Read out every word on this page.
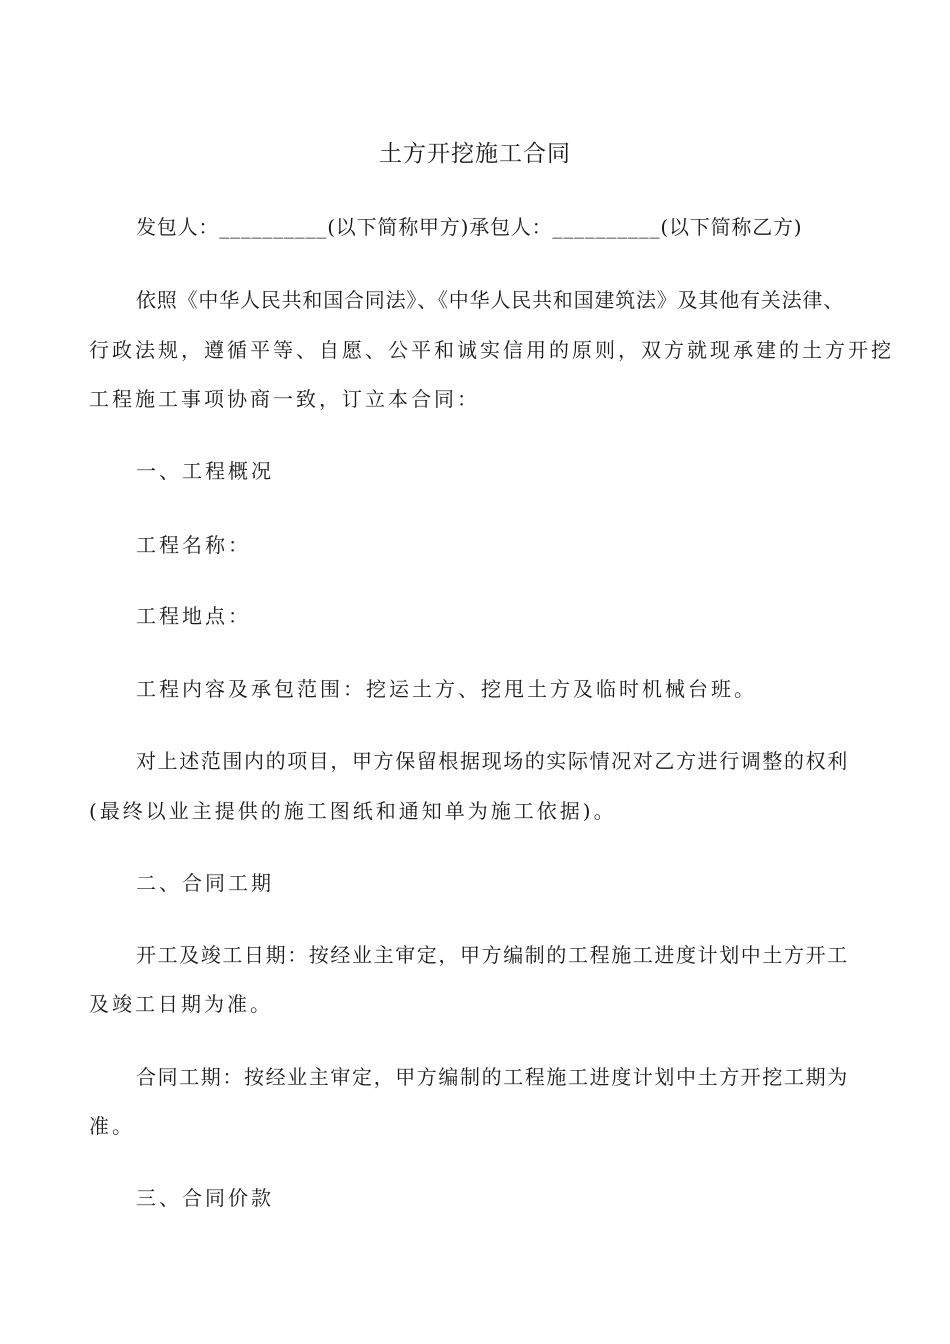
土方开挖施工合同
发包人：__________(以下简称甲方)承包人：__________(以下简称乙方)
依照《中华人民共和国合同法》、《中华人民共和国建筑法》及其他有关法律、
行政法规，遵循平等、自愿、公平和诚实信用的原则，双方就现承建的土方开挖
工程施工事项协商一致，订立本合同：
一、工程概况
工程名称：
工程地点：
工程内容及承包范围：挖运土方、挖甩土方及临时机械台班。
对上述范围内的项目，甲方保留根据现场的实际情况对乙方进行调整的权利
(最终以业主提供的施工图纸和通知单为施工依据)。
二、合同工期
开工及竣工日期：按经业主审定，甲方编制的工程施工进度计划中土方开工
及竣工日期为准。
合同工期：按经业主审定，甲方编制的工程施工进度计划中土方开挖工期为
准。
三、合同价款
